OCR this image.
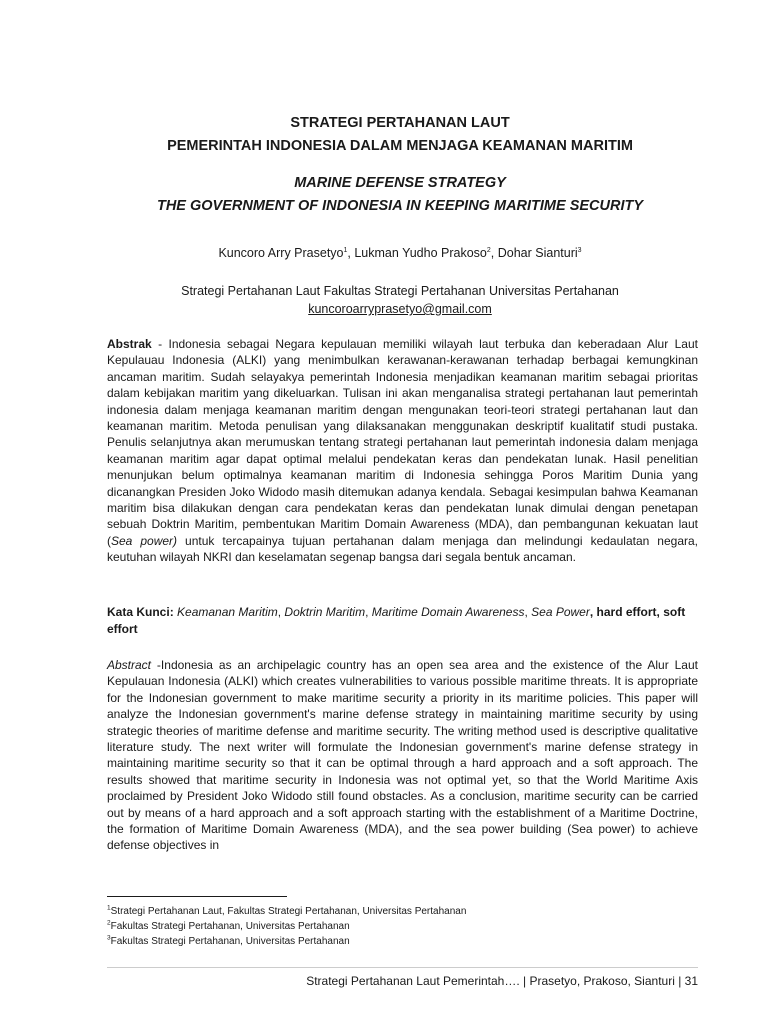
STRATEGI PERTAHANAN LAUT
PEMERINTAH INDONESIA DALAM MENJAGA KEAMANAN MARITIM
MARINE DEFENSE STRATEGY
THE GOVERNMENT OF INDONESIA IN KEEPING MARITIME SECURITY
Kuncoro Arry Prasetyo$^1$, Lukman Yudho Prakoso$^2$, Dohar Sianturi$^3$
Strategi Pertahanan Laut Fakultas Strategi Pertahanan Universitas Pertahanan
kuncoroarryprasetyo@gmail.com
Abstrak - Indonesia sebagai Negara kepulauan memiliki wilayah laut terbuka dan keberadaan Alur Laut Kepulauau Indonesia (ALKI) yang menimbulkan kerawanan-kerawanan terhadap berbagai kemungkinan ancaman maritim. Sudah selayakya pemerintah Indonesia menjadikan keamanan maritim sebagai prioritas dalam kebijakan maritim yang dikeluarkan. Tulisan ini akan menganalisa strategi pertahanan laut pemerintah indonesia dalam menjaga keamanan maritim dengan mengunakan teori-teori strategi pertahanan laut dan keamanan maritim. Metoda penulisan yang dilaksanakan menggunakan deskriptif kualitatif studi pustaka. Penulis selanjutnya akan merumuskan tentang strategi pertahanan laut pemerintah indonesia dalam menjaga keamanan maritim agar dapat optimal melalui pendekatan keras dan pendekatan lunak. Hasil penelitian menunjukan belum optimalnya keamanan maritim di Indonesia sehingga Poros Maritim Dunia yang dicanangkan Presiden Joko Widodo masih ditemukan adanya kendala. Sebagai kesimpulan bahwa Keamanan maritim bisa dilakukan dengan cara pendekatan keras dan pendekatan lunak dimulai dengan penetapan sebuah Doktrin Maritim, pembentukan Maritim Domain Awareness (MDA), dan pembangunan kekuatan laut (Sea power) untuk tercapainya tujuan pertahanan dalam menjaga dan melindungi kedaulatan negara, keutuhan wilayah NKRI dan keselamatan segenap bangsa dari segala bentuk ancaman.
Kata Kunci: Keamanan Maritim, Doktrin Maritim, Maritime Domain Awareness, Sea Power, hard effort, soft effort
Abstract -Indonesia as an archipelagic country has an open sea area and the existence of the Alur Laut Kepulauan Indonesia (ALKI) which creates vulnerabilities to various possible maritime threats. It is appropriate for the Indonesian government to make maritime security a priority in its maritime policies. This paper will analyze the Indonesian government's marine defense strategy in maintaining maritime security by using strategic theories of maritime defense and maritime security. The writing method used is descriptive qualitative literature study. The next writer will formulate the Indonesian government's marine defense strategy in maintaining maritime security so that it can be optimal through a hard approach and a soft approach. The results showed that maritime security in Indonesia was not optimal yet, so that the World Maritime Axis proclaimed by President Joko Widodo still found obstacles. As a conclusion, maritime security can be carried out by means of a hard approach and a soft approach starting with the establishment of a Maritime Doctrine, the formation of Maritime Domain Awareness (MDA), and the sea power building (Sea power) to achieve defense objectives in
$^1$Strategi Pertahanan Laut, Fakultas Strategi Pertahanan, Universitas Pertahanan
$^2$Fakultas Strategi Pertahanan, Universitas Pertahanan
$^3$Fakultas Strategi Pertahanan, Universitas Pertahanan
Strategi Pertahanan Laut Pemerintah…. | Prasetyo, Prakoso, Sianturi | 31
